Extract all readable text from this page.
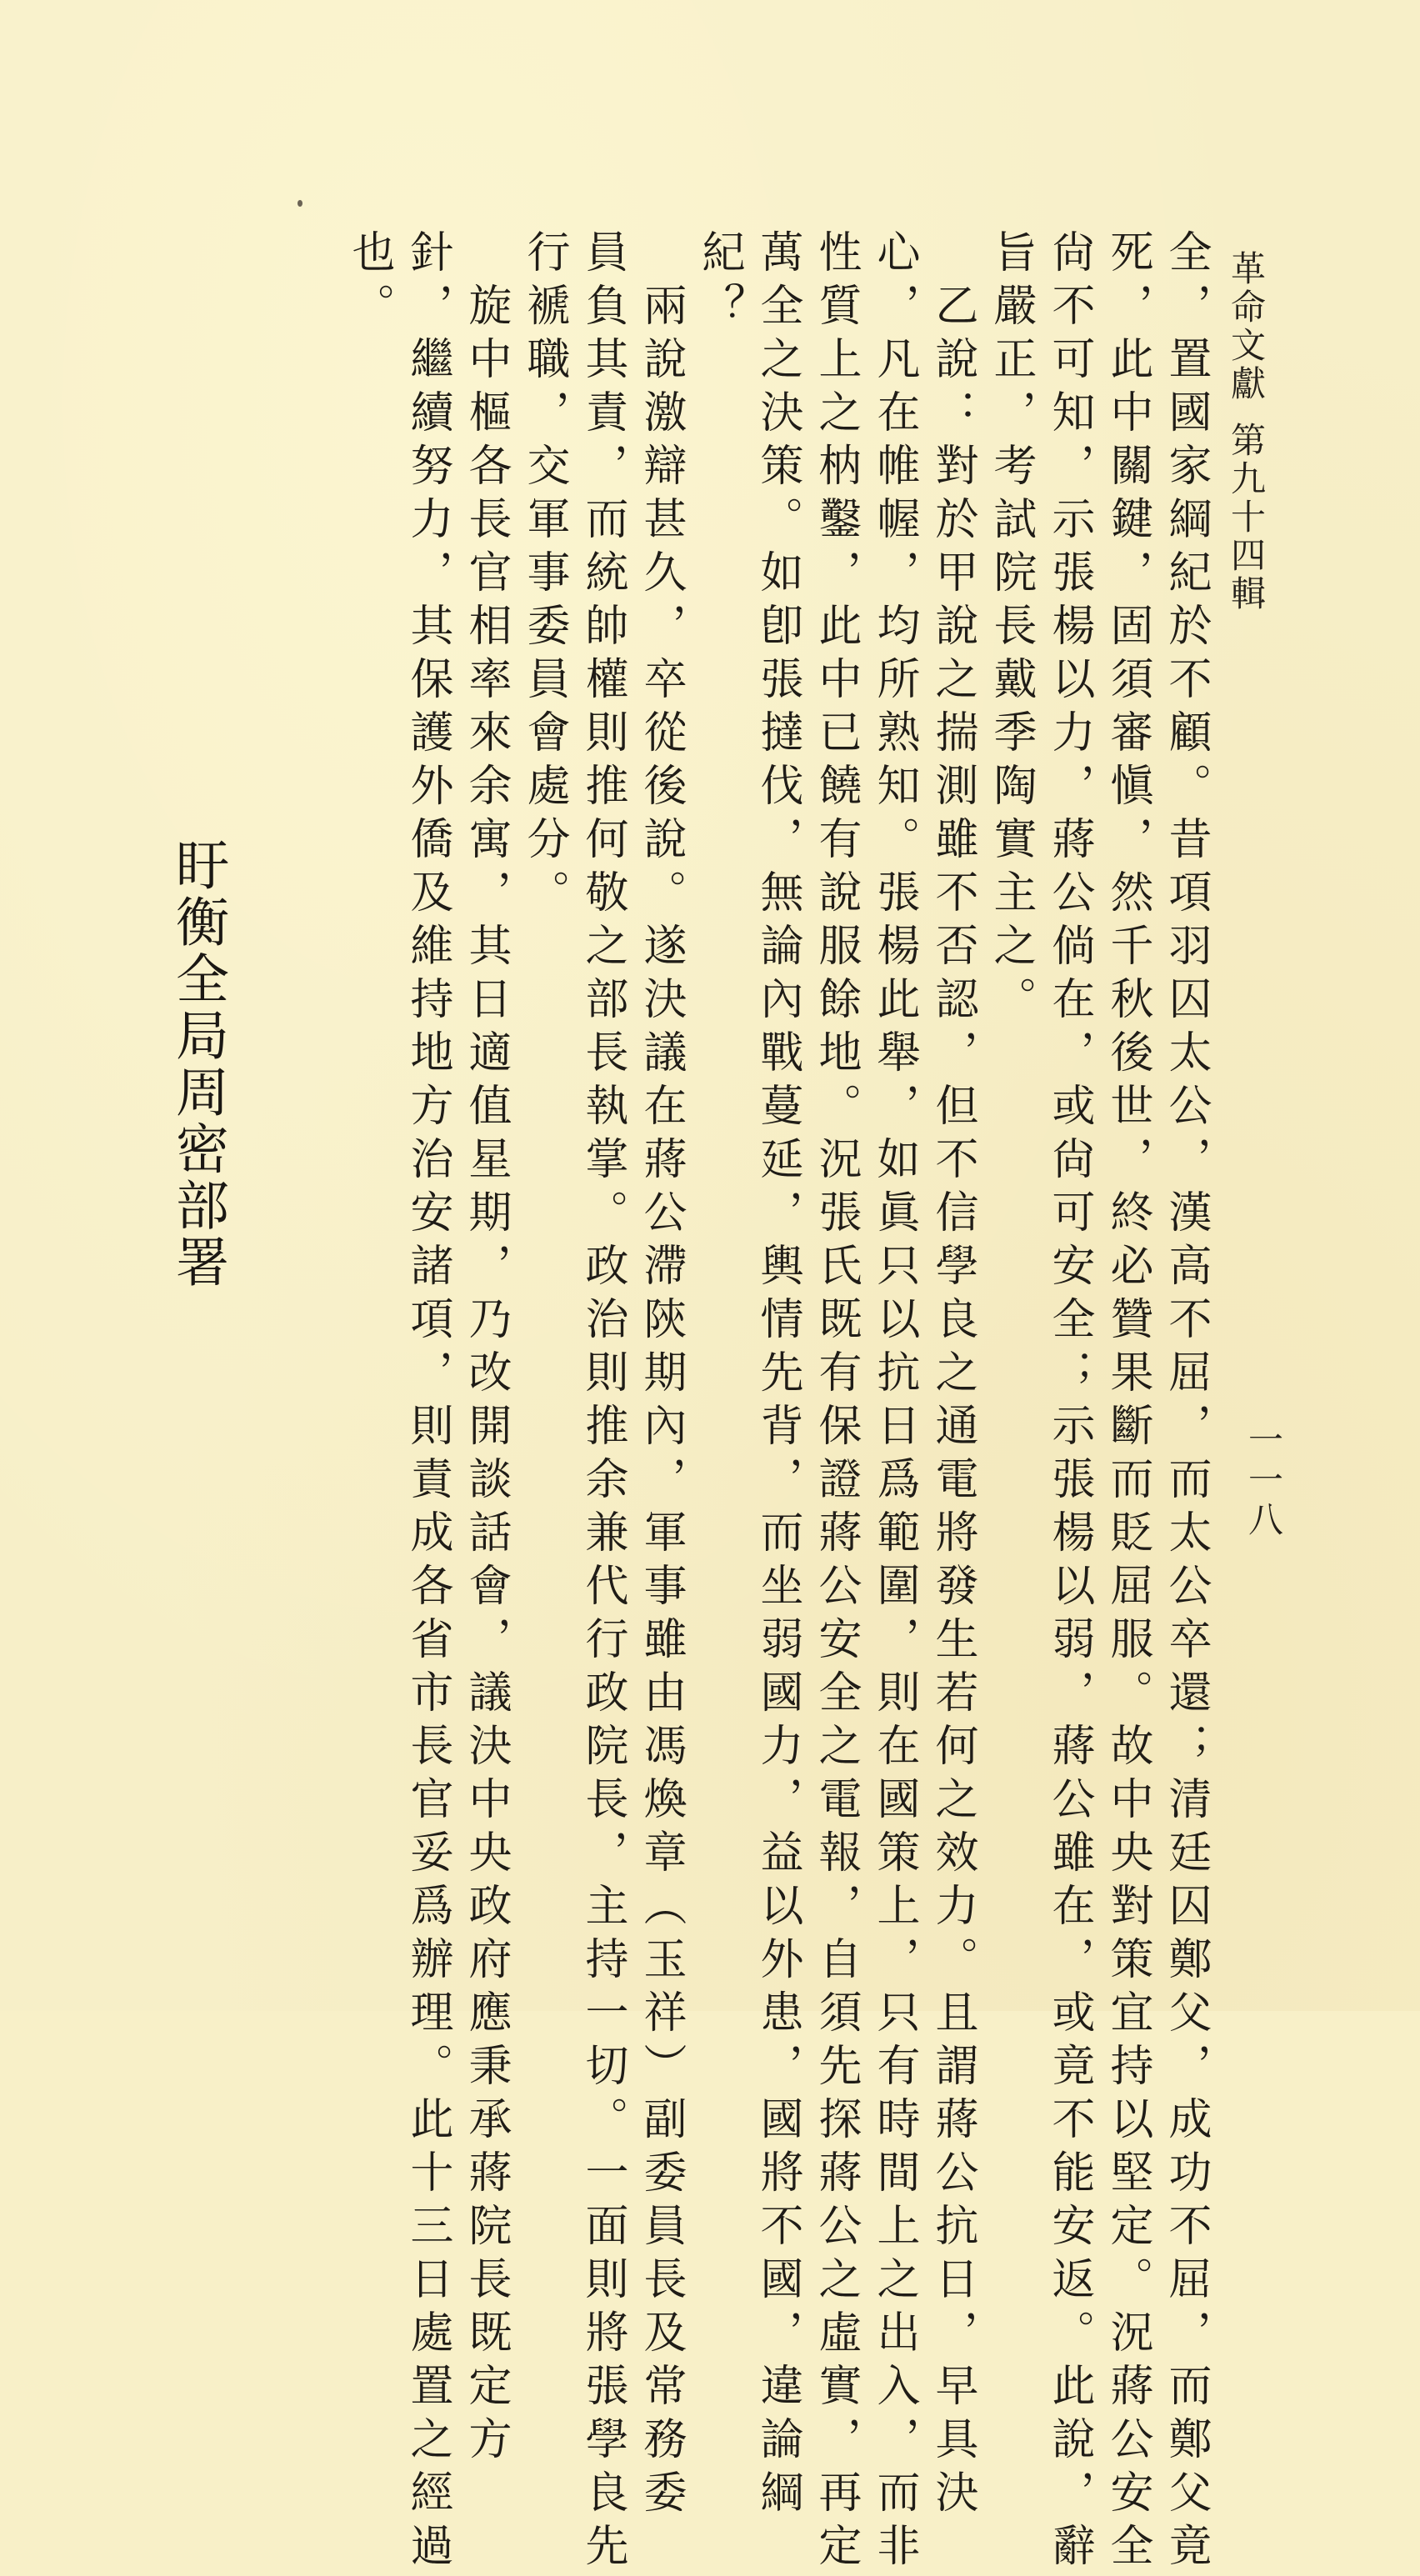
革命文獻第九十四輯
一一八
全，置國家綱紀於不顧。昔項羽囚太公，漢高不屈，而太公卒還；清廷囚鄭父，成功不屈，而鄭父竟
死，此中關鍵，固須審愼，然千秋後世，終必贊果斷而貶屈服。故中央對策宜持以堅定。況蔣公安全
尙不可知，示張楊以力，蔣公倘在，或尙可安全；示張楊以弱，蔣公雖在，或竟不能安返。此說，辭
旨嚴正，考試院長戴季陶實主之。
乙說：對於甲說之揣測雖不否認，但不信學良之通電將發生若何之效力。且謂蔣公抗日，早具決
心，凡在帷幄，均所熟知。張楊此舉，如眞只以抗日爲範圍，則在國策上，只有時間上之出入，而非
性質上之枘鑿，此中已饒有說服餘地。況張氏既有保證蔣公安全之電報，自須先探蔣公之虛實，再定
萬全之決策。如卽張撻伐，無論內戰蔓延，輿情先背，而坐弱國力，益以外患，國將不國，違論綱
紀？
兩說激辯甚久，卒從後說。遂決議在蔣公滯陝期內，軍事雖由馮煥章（玉祥）副委員長及常務委
員負其責，而統帥權則推何敬之部長執掌。政治則推余兼代行政院長，主持一切。一面則將張學良先
行褫職，交軍事委員會處分。
旋中樞各長官相率來余寓，其日適值星期，乃改開談話會，議決中央政府應秉承蔣院長既定方
針，繼續努力，其保護外僑及維持地方治安諸項，則責成各省市長官妥爲辦理。此十三日處置之經過
也。
盱衡全局周密部署
